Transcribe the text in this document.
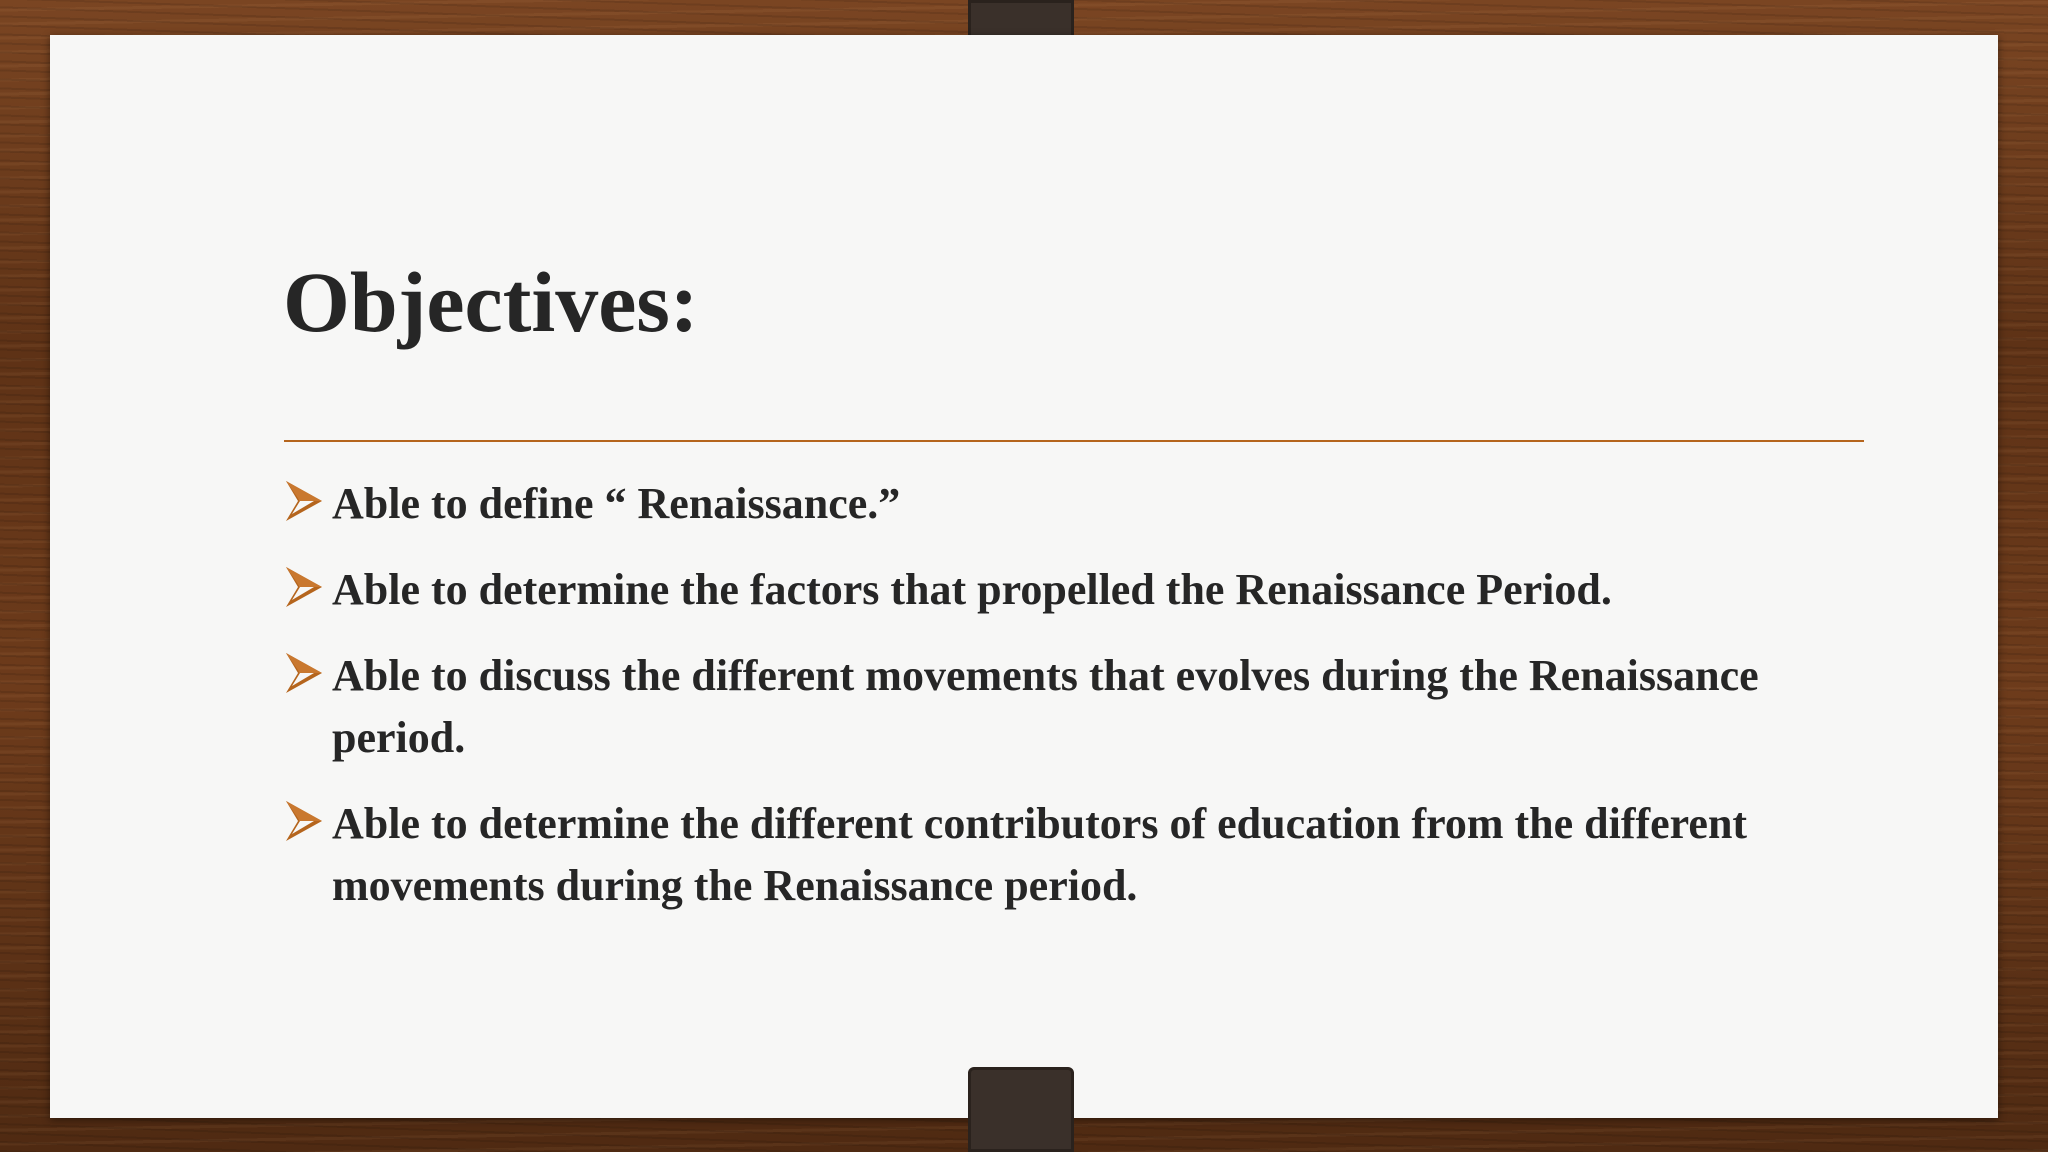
Objectives:
Able to define “ Renaissance.”
Able to determine the factors that propelled the Renaissance Period.
Able to discuss the different movements that evolves during the Renaissance period.
Able to determine the different contributors of education from the different movements during the Renaissance period.
